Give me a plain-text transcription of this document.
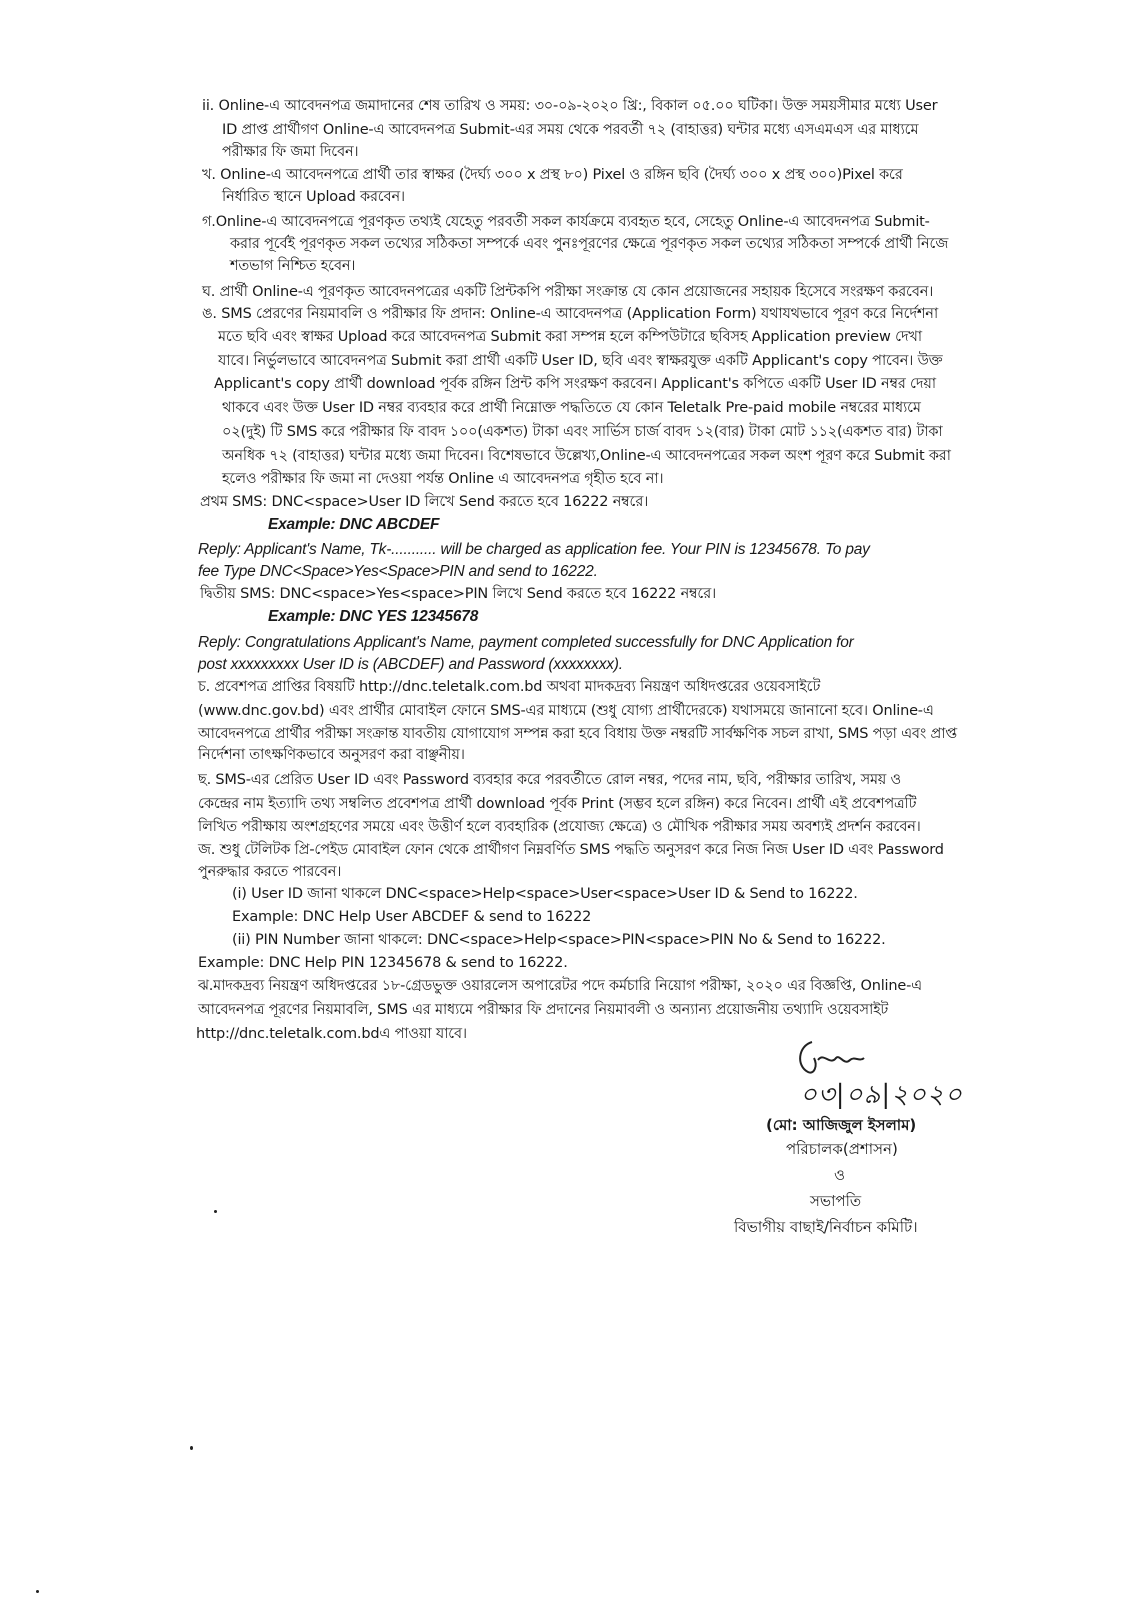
ii. Online-এ আবেদনপত্র জমাদানের শেষ তারিখ ও সময়: ৩০-০৯-২০২০ খ্রি:, বিকাল ০৫.০০ ঘটিকা। উক্ত সময়সীমার মধ্যে User

ID প্রাপ্ত প্রার্থীগণ Online-এ আবেদনপত্র Submit-এর সময় থেকে পরবর্তী ৭২ (বাহাত্তর) ঘন্টার মধ্যে এসএমএস এর মাধ্যমে

পরীক্ষার ফি জমা দিবেন।

খ. Online-এ আবেদনপত্রে প্রার্থী তার স্বাক্ষর (দৈর্ঘ্য ৩০০ x প্রস্থ ৮০) Pixel ও রঙ্গিন ছবি (দৈর্ঘ্য ৩০০ x প্রস্থ ৩০০)Pixel করে

নির্ধারিত স্থানে Upload করবেন।

গ.Online-এ আবেদনপত্রে পূরণকৃত তথ্যই যেহেতু পরবর্তী সকল কার্যক্রমে ব্যবহৃত হবে, সেহেতু Online-এ আবেদনপত্র Submit-

করার পূর্বেই পূরণকৃত সকল তথ্যের সঠিকতা সম্পর্কে এবং পুনঃপূরণের ক্ষেত্রে পূরণকৃত সকল তথ্যের সঠিকতা সম্পর্কে প্রার্থী নিজে

শতভাগ নিশ্চিত হবেন।

ঘ. প্রার্থী Online-এ পূরণকৃত আবেদনপত্রের একটি প্রিন্টকপি পরীক্ষা সংক্রান্ত যে কোন প্রয়োজনের সহায়ক হিসেবে সংরক্ষণ করবেন।

ঙ. SMS প্রেরণের নিয়মাবলি ও পরীক্ষার ফি প্রদান: Online-এ আবেদনপত্র (Application Form) যথাযথভাবে পূরণ করে নির্দেশনা

মতে ছবি এবং স্বাক্ষর Upload করে আবেদনপত্র Submit করা সম্পন্ন হলে কম্পিউটারে ছবিসহ Application preview দেখা

যাবে। নির্ভুলভাবে আবেদনপত্র Submit করা প্রার্থী একটি User ID, ছবি এবং স্বাক্ষরযুক্ত একটি Applicant's copy পাবেন। উক্ত

Applicant's copy প্রার্থী download পূর্বক রঙ্গিন প্রিন্ট কপি সংরক্ষণ করবেন। Applicant's কপিতে একটি User ID নম্বর দেয়া

থাকবে এবং উক্ত User ID নম্বর ব্যবহার করে প্রার্থী নিম্নোক্ত পদ্ধতিতে যে কোন Teletalk Pre-paid mobile নম্বরের মাধ্যমে

০২(দুই) টি SMS করে পরীক্ষার ফি বাবদ ১০০(একশত) টাকা এবং সার্ভিস চার্জ বাবদ ১২(বার) টাকা মোট ১১২(একশত বার) টাকা

অনধিক ৭২ (বাহাত্তর) ঘন্টার মধ্যে জমা দিবেন। বিশেষভাবে উল্লেখ্য,Online-এ আবেদনপত্রের সকল অংশ পূরণ করে Submit করা

হলেও পরীক্ষার ফি জমা না দেওয়া পর্যন্ত Online এ আবেদনপত্র গৃহীত হবে না।

প্রথম SMS: DNC<space>User ID লিখে Send করতে হবে 16222 নম্বরে।

Example: DNC ABCDEF

Reply: Applicant's Name, Tk-........... will be charged as application fee. Your PIN is 12345678. To pay

fee Type DNC<Space>Yes<Space>PIN and send to 16222.

দ্বিতীয় SMS: DNC<space>Yes<space>PIN লিখে Send করতে হবে 16222 নম্বরে।

Example: DNC YES 12345678

Reply: Congratulations Applicant's Name, payment completed successfully for DNC Application for

post xxxxxxxxx User ID is (ABCDEF) and Password (xxxxxxxx).

চ. প্রবেশপত্র প্রাপ্তির বিষয়টি http://dnc.teletalk.com.bd অথবা মাদকদ্রব্য নিয়ন্ত্রণ অধিদপ্তরের ওয়েবসাইটে

(www.dnc.gov.bd) এবং প্রার্থীর মোবাইল ফোনে SMS-এর মাধ্যমে (শুধু যোগ্য প্রার্থীদেরকে) যথাসময়ে জানানো হবে। Online-এ

আবেদনপত্রে প্রার্থীর পরীক্ষা সংক্রান্ত যাবতীয় যোগাযোগ সম্পন্ন করা হবে বিধায় উক্ত নম্বরটি সার্বক্ষণিক সচল রাখা, SMS পড়া এবং প্রাপ্ত

নির্দেশনা তাৎক্ষণিকভাবে অনুসরণ করা বাঞ্ছনীয়।

ছ. SMS-এর প্রেরিত User ID এবং Password ব্যবহার করে পরবর্তীতে রোল নম্বর, পদের নাম, ছবি, পরীক্ষার তারিখ, সময় ও

কেন্দ্রের নাম ইত্যাদি তথ্য সম্বলিত প্রবেশপত্র প্রার্থী download পূর্বক Print (সম্ভব হলে রঙ্গিন) করে নিবেন। প্রার্থী এই প্রবেশপত্রটি

লিখিত পরীক্ষায় অংশগ্রহণের সময়ে এবং উত্তীর্ণ হলে ব্যবহারিক (প্রযোজ্য ক্ষেত্রে) ও মৌখিক পরীক্ষার সময় অবশ্যই প্রদর্শন করবেন।

জ. শুধু টেলিটক প্রি-পেইড মোবাইল ফোন থেকে প্রার্থীগণ নিম্নবর্ণিত SMS পদ্ধতি অনুসরণ করে নিজ নিজ User ID এবং Password

পুনরুদ্ধার করতে পারবেন।

(i) User ID জানা থাকলে DNC<space>Help<space>User<space>User ID & Send to 16222.

Example: DNC Help User ABCDEF & send to 16222

(ii) PIN Number জানা থাকলে: DNC<space>Help<space>PIN<space>PIN No & Send to 16222.

Example: DNC Help PIN 12345678 & send to 16222.

ঝ.মাদকদ্রব্য নিয়ন্ত্রণ অধিদপ্তরের ১৮-গ্রেডভুক্ত ওয়ারলেস অপারেটর পদে কর্মচারি নিয়োগ পরীক্ষা, ২০২০ এর বিজ্ঞপ্তি, Online-এ

আবেদনপত্র পূরণের নিয়মাবলি, SMS এর মাধ্যমে পরীক্ষার ফি প্রদানের নিয়মাবলী ও অন্যান্য প্রয়োজনীয় তথ্যাদি ওয়েবসাইট

http://dnc.teletalk.com.bdএ পাওয়া যাবে।

০৩|০৯|২০২০

(মো: আজিজুল ইসলাম)

পরিচালক(প্রশাসন)

ও

সভাপতি

বিভাগীয় বাছাই/নির্বাচন কমিটি।
